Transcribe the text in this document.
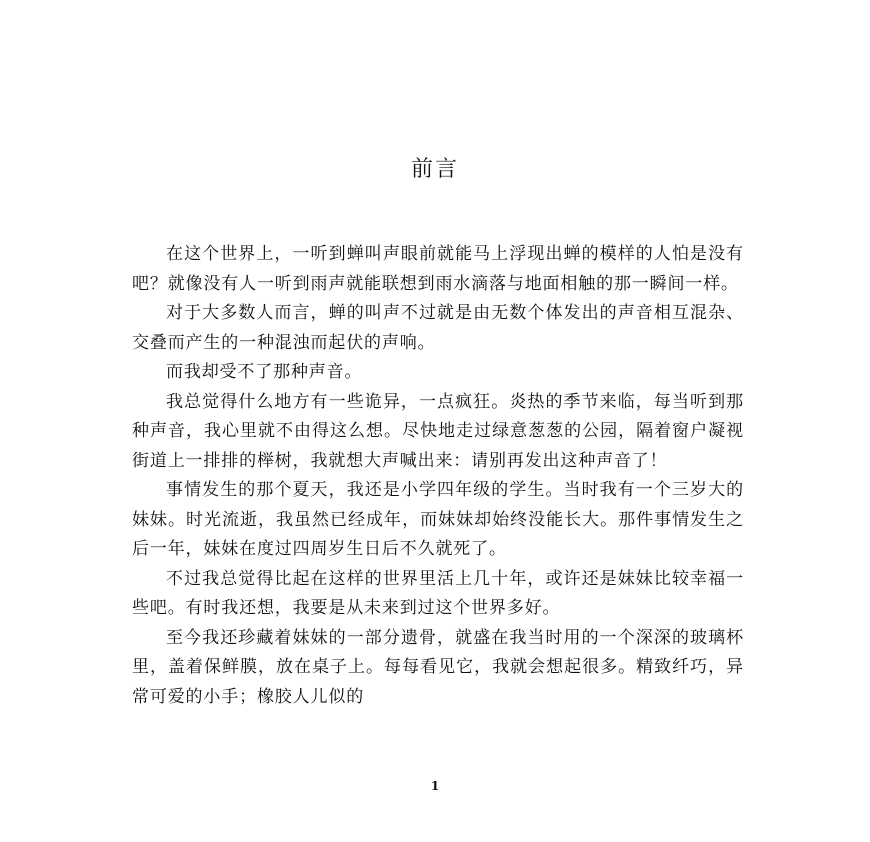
前言

在这个世界上，一听到蝉叫声眼前就能马上浮现出蝉的模样的人怕是没有吧？就像没有人一听到雨声就能联想到雨水滴落与地面相触的那一瞬间一样。

对于大多数人而言，蝉的叫声不过就是由无数个体发出的声音相互混杂、交叠而产生的一种混浊而起伏的声响。

而我却受不了那种声音。

我总觉得什么地方有一些诡异，一点疯狂。炎热的季节来临，每当听到那种声音，我心里就不由得这么想。尽快地走过绿意葱葱的公园，隔着窗户凝视街道上一排排的榉树，我就想大声喊出来：请别再发出这种声音了！

事情发生的那个夏天，我还是小学四年级的学生。当时我有一个三岁大的妹妹。时光流逝，我虽然已经成年，而妹妹却始终没能长大。那件事情发生之后一年，妹妹在度过四周岁生日后不久就死了。

不过我总觉得比起在这样的世界里活上几十年，或许还是妹妹比较幸福一些吧。有时我还想，我要是从未来到过这个世界多好。

至今我还珍藏着妹妹的一部分遗骨，就盛在我当时用的一个深深的玻璃杯里，盖着保鲜膜，放在桌子上。每每看见它，我就会想起很多。精致纤巧，异常可爱的小手；橡胶人儿似的

1
